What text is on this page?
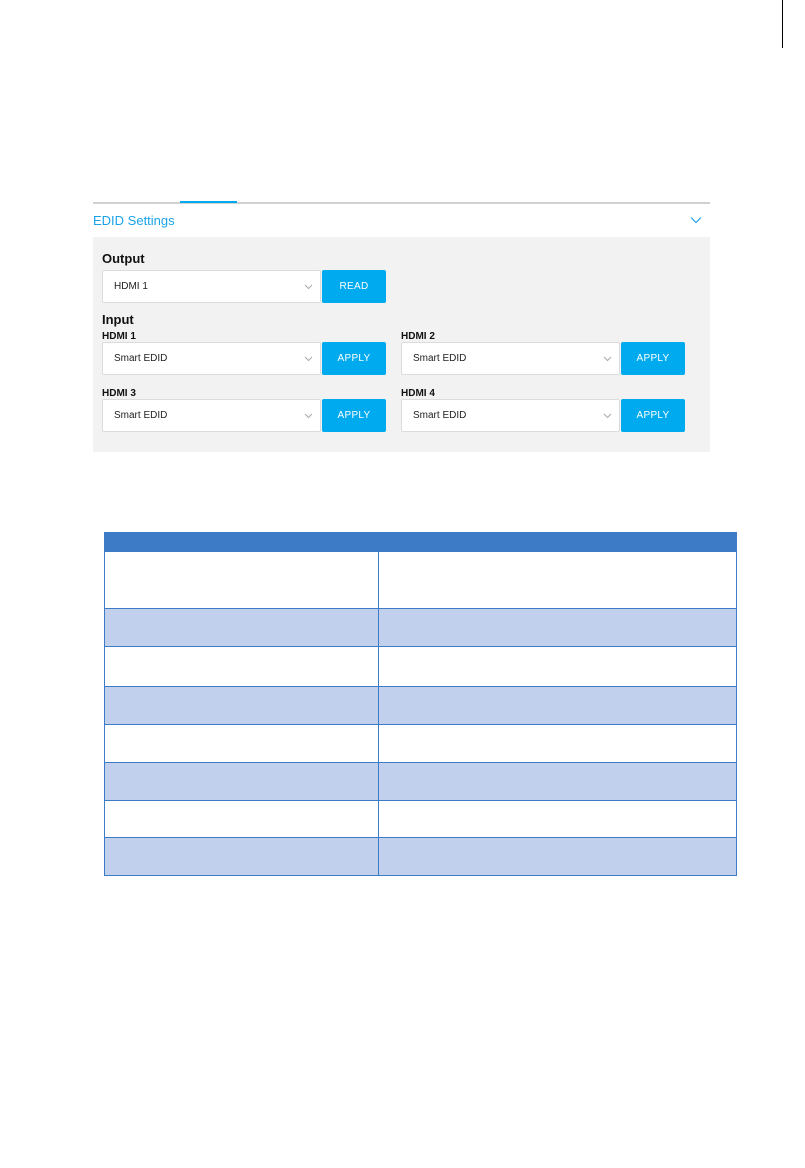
EDID Settings
Output
HDMI 1	READ
Input
HDMI 1
Smart EDID	APPLY
HDMI 2
Smart EDID	APPLY
HDMI 3
Smart EDID	APPLY
HDMI 4
Smart EDID	APPLY
